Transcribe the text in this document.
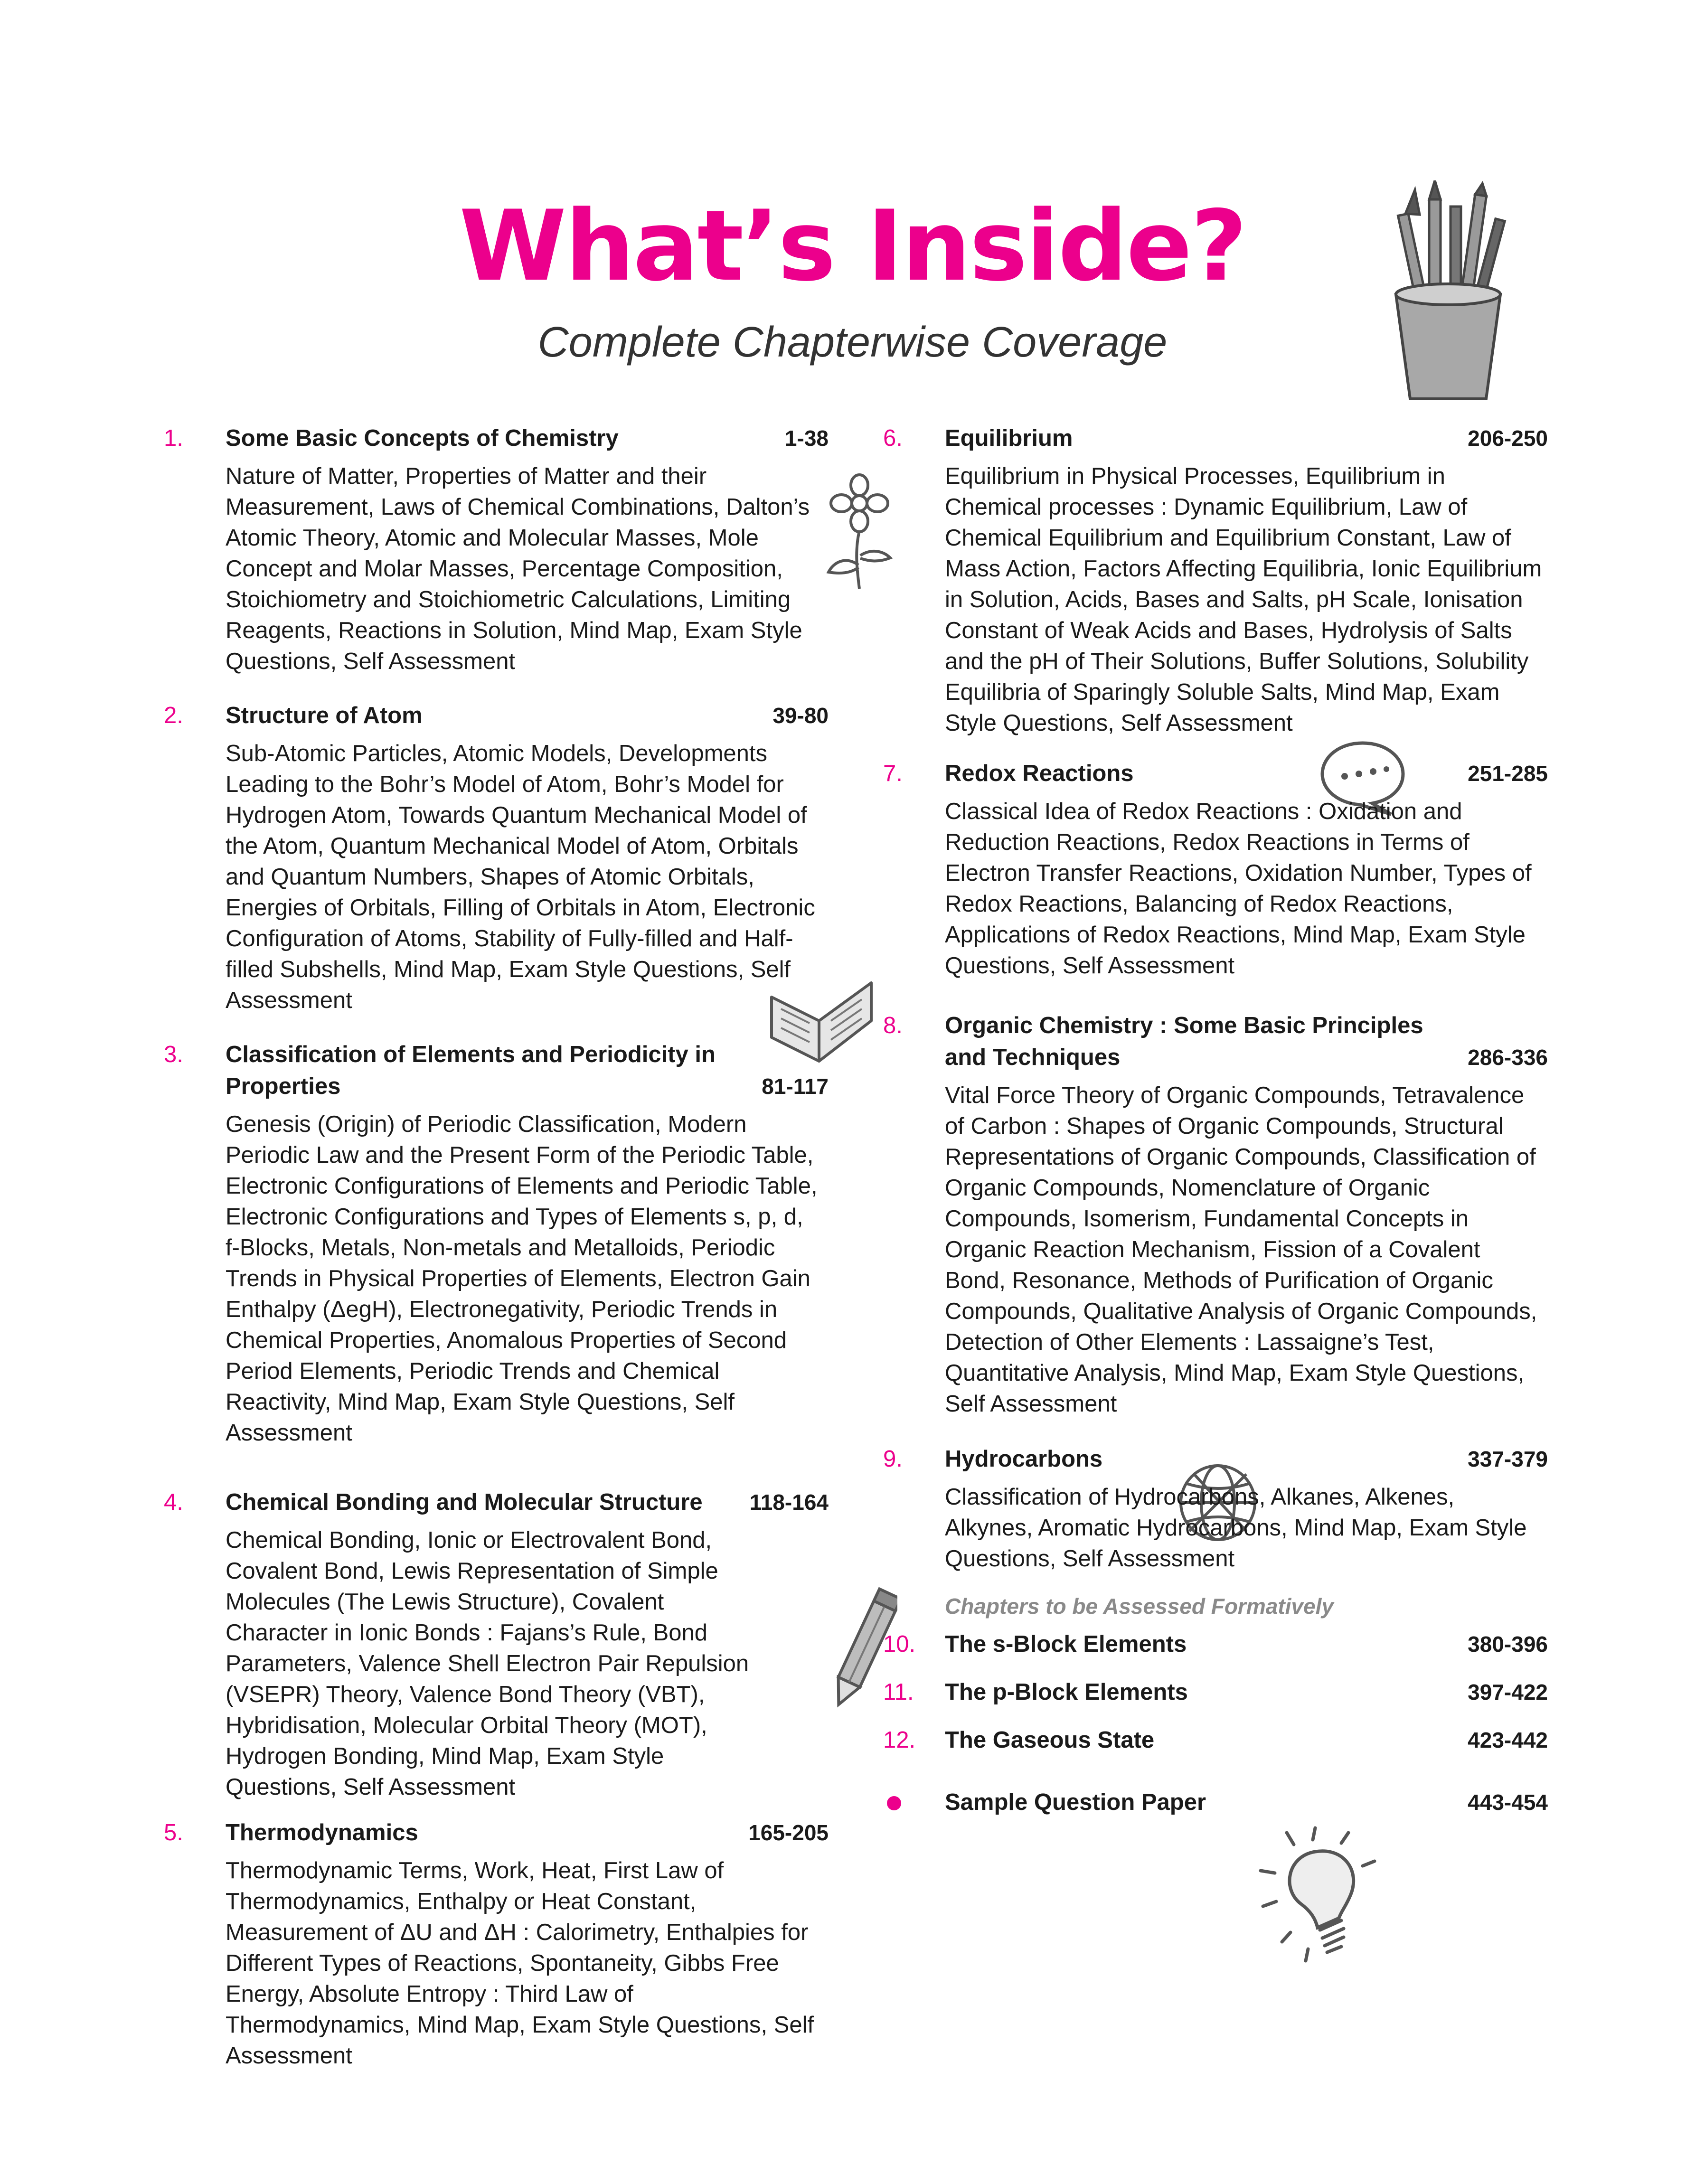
What’s Inside?
Complete Chapterwise Coverage
1. Some Basic Concepts of Chemistry	1-38
Nature of Matter, Properties of Matter and their Measurement, Laws of Chemical Combinations, Dalton’s Atomic Theory, Atomic and Molecular Masses, Mole Concept and Molar Masses, Percentage Composition, Stoichiometry and Stoichiometric Calculations, Limiting Reagents, Reactions in Solution, Mind Map, Exam Style Questions, Self Assessment
2. Structure of Atom	39-80
Sub-Atomic Particles, Atomic Models, Developments Leading to the Bohr’s Model of Atom, Bohr’s Model for Hydrogen Atom, Towards Quantum Mechanical Model of the Atom, Quantum Mechanical Model of Atom, Orbitals and Quantum Numbers, Shapes of Atomic Orbitals, Energies of Orbitals, Filling of Orbitals in Atom, Electronic Configuration of Atoms, Stability of Fully-filled and Half-filled Subshells, Mind Map, Exam Style Questions, Self Assessment
3. Classification of Elements and Periodicity in Properties	81-117
Genesis (Origin) of Periodic Classification, Modern Periodic Law and the Present Form of the Periodic Table, Electronic Configurations of Elements and Periodic Table, Electronic Configurations and Types of Elements s, p, d, f-Blocks, Metals, Non-metals and Metalloids, Periodic Trends in Physical Properties of Elements, Electron Gain Enthalpy (ΔegH), Electronegativity, Periodic Trends in Chemical Properties, Anomalous Properties of Second Period Elements, Periodic Trends and Chemical Reactivity, Mind Map, Exam Style Questions, Self Assessment
4. Chemical Bonding and Molecular Structure 118-164
Chemical Bonding, Ionic or Electrovalent Bond, Covalent Bond, Lewis Representation of Simple Molecules (The Lewis Structure), Covalent Character in Ionic Bonds : Fajans’s Rule, Bond Parameters, Valence Shell Electron Pair Repulsion (VSEPR) Theory, Valence Bond Theory (VBT), Hybridisation, Molecular Orbital Theory (MOT), Hydrogen Bonding, Mind Map, Exam Style Questions, Self Assessment
5. Thermodynamics	165-205
Thermodynamic Terms, Work, Heat, First Law of Thermodynamics, Enthalpy or Heat Constant, Measurement of ΔU and ΔH : Calorimetry, Enthalpies for Different Types of Reactions, Spontaneity, Gibbs Free Energy, Absolute Entropy : Third Law of Thermodynamics, Mind Map, Exam Style Questions, Self Assessment
6. Equilibrium	206-250
Equilibrium in Physical Processes, Equilibrium in Chemical processes : Dynamic Equilibrium, Law of Chemical Equilibrium and Equilibrium Constant, Law of Mass Action, Factors Affecting Equilibria, Ionic Equilibrium in Solution, Acids, Bases and Salts, pH Scale, Ionisation Constant of Weak Acids and Bases, Hydrolysis of Salts and the pH of Their Solutions, Buffer Solutions, Solubility Equilibria of Sparingly Soluble Salts, Mind Map, Exam Style Questions, Self Assessment
7. Redox Reactions	251-285
Classical Idea of Redox Reactions : Oxidation and Reduction Reactions, Redox Reactions in Terms of Electron Transfer Reactions, Oxidation Number, Types of Redox Reactions, Balancing of Redox Reactions, Applications of Redox Reactions, Mind Map, Exam Style Questions, Self Assessment
8. Organic Chemistry : Some Basic Principles and Techniques	286-336
Vital Force Theory of Organic Compounds, Tetravalence of Carbon : Shapes of Organic Compounds, Structural Representations of Organic Compounds, Classification of Organic Compounds, Nomenclature of Organic Compounds, Isomerism, Fundamental Concepts in Organic Reaction Mechanism, Fission of a Covalent Bond, Resonance, Methods of Purification of Organic Compounds, Qualitative Analysis of Organic Compounds, Detection of Other Elements : Lassaigne’s Test, Quantitative Analysis, Mind Map, Exam Style Questions, Self Assessment
9. Hydrocarbons	337-379
Classification of Hydrocarbons, Alkanes, Alkenes, Alkynes, Aromatic Hydrocarbons, Mind Map, Exam Style Questions, Self Assessment
Chapters to be Assessed Formatively
10. The s-Block Elements	380-396
11. The p-Block Elements	397-422
12. The Gaseous State	423-442
Sample Question Paper	443-454
